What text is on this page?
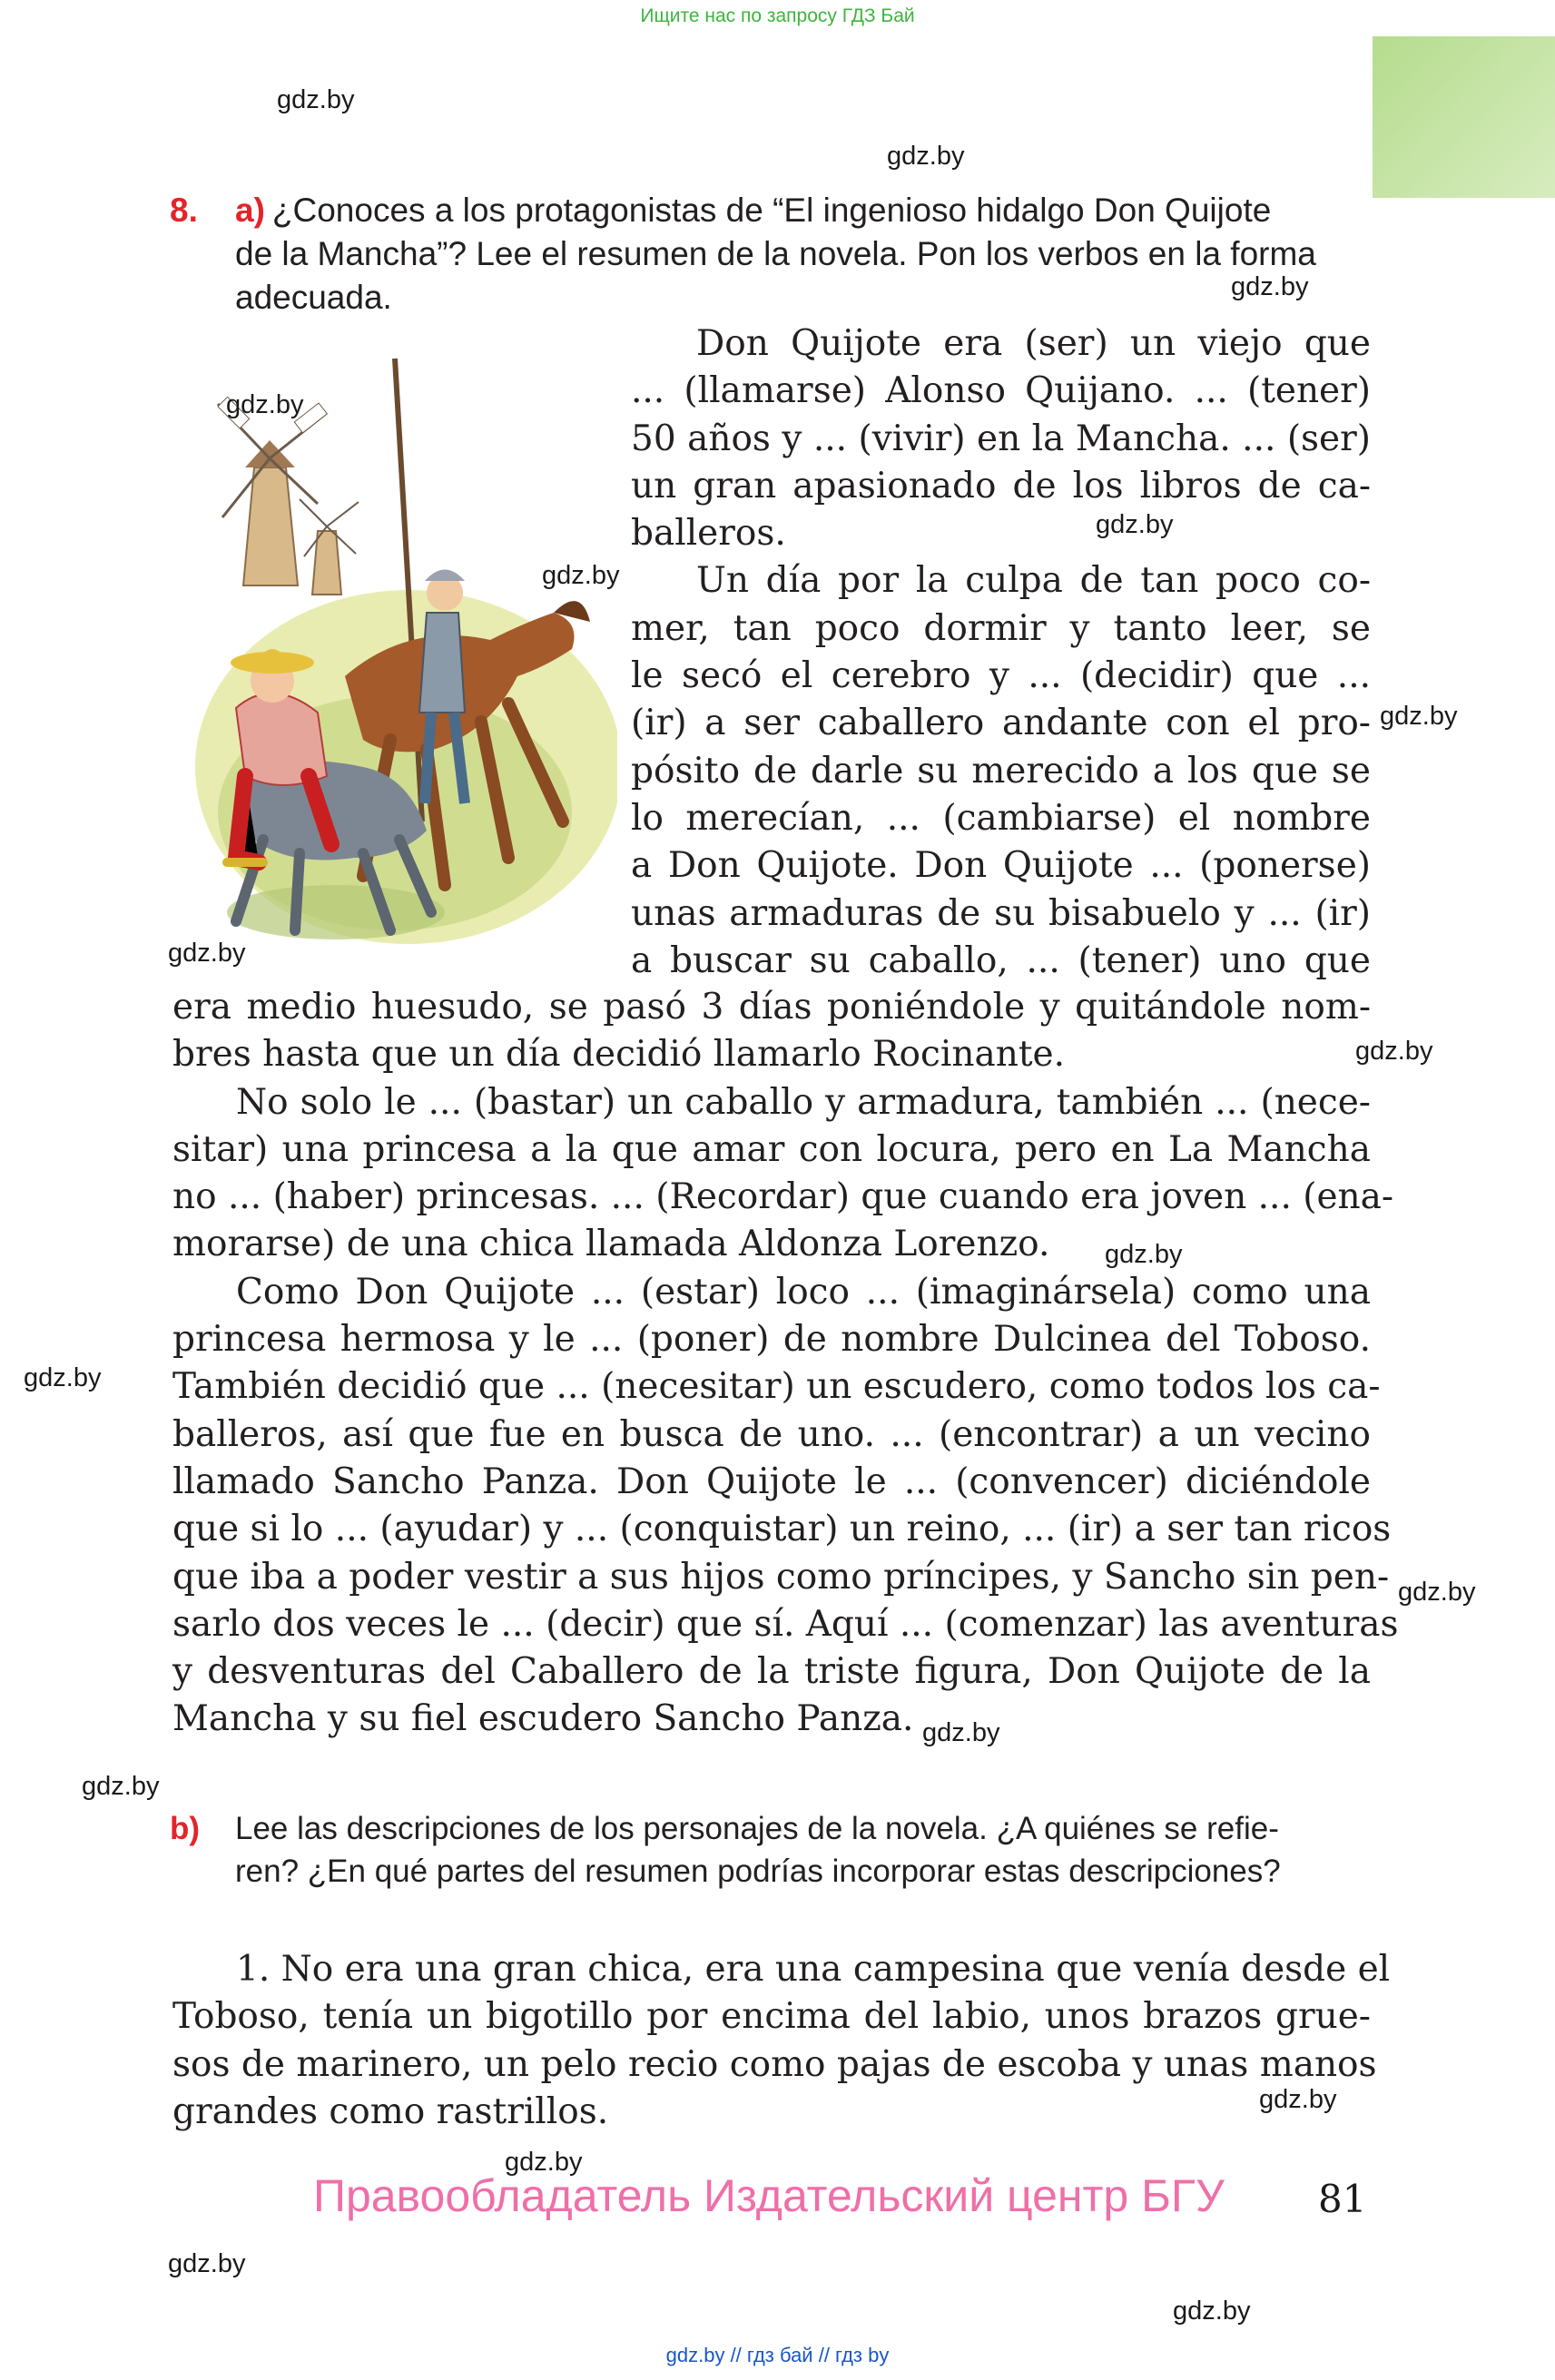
Ищите нас по запросу ГДЗ Бай
8. a) ¿Conoces a los protagonistas de “El ingenioso hidalgo Don Quijote
de la Mancha”? Lee el resumen de la novela. Pon los verbos en la forma
adecuada.
Don Quijote era (ser) un viejo que
... (llamarse) Alonso Quijano. ... (tener)
50 años y ... (vivir) en la Mancha. ... (ser)
un gran apasionado de los libros de ca-
balleros.
Un día por la culpa de tan poco co-
mer, tan poco dormir y tanto leer, se
le secó el cerebro y ... (decidir) que ...
(ir) a ser caballero andante con el pro-
pósito de darle su merecido a los que se
lo merecían, ... (cambiarse) el nombre
a Don Quijote. Don Quijote ... (ponerse)
unas armaduras de su bisabuelo y ... (ir)
a buscar su caballo, ... (tener) uno que
era medio huesudo, se pasó 3 días poniéndole y quitándole nom-
bres hasta que un día decidió llamarlo Rocinante.
No solo le ... (bastar) un caballo y armadura, también ... (nece-
sitar) una princesa a la que amar con locura, pero en La Mancha
no ... (haber) princesas. ... (Recordar) que cuando era joven ... (ena-
morarse) de una chica llamada Aldonza Lorenzo.
Como Don Quijote ... (estar) loco ... (imaginársela) como una
princesa hermosa y le ... (poner) de nombre Dulcinea del Toboso.
También decidió que ... (necesitar) un escudero, como todos los ca-
balleros, así que fue en busca de uno. ... (encontrar) a un vecino
llamado Sancho Panza. Don Quijote le ... (convencer) diciéndole
que si lo ... (ayudar) y ... (conquistar) un reino, ... (ir) a ser tan ricos
que iba a poder vestir a sus hijos como príncipes, y Sancho sin pen-
sarlo dos veces le ... (decir) que sí. Aquí ... (comenzar) las aventuras
y desventuras del Caballero de la triste figura, Don Quijote de la
Mancha y su fiel escudero Sancho Panza.
b) Lee las descripciones de los personajes de la novela. ¿A quiénes se refie-
ren? ¿En qué partes del resumen podrías incorporar estas descripciones?
1. No era una gran chica, era una campesina que venía desde el
Toboso, tenía un bigotillo por encima del labio, unos brazos grue-
sos de marinero, un pelo recio como pajas de escoba y unas manos
grandes como rastrillos.
gdz.by
gdz.by
gdz.by
gdz.by
gdz.by
gdz.by
gdz.by
gdz.by
gdz.by
gdz.by
gdz.by
gdz.by
gdz.by
gdz.by
gdz.by
gdz.by
gdz.by
gdz.by
Правообладатель Издательский центр БГУ 81
gdz.by // гдз бай // гдз by
